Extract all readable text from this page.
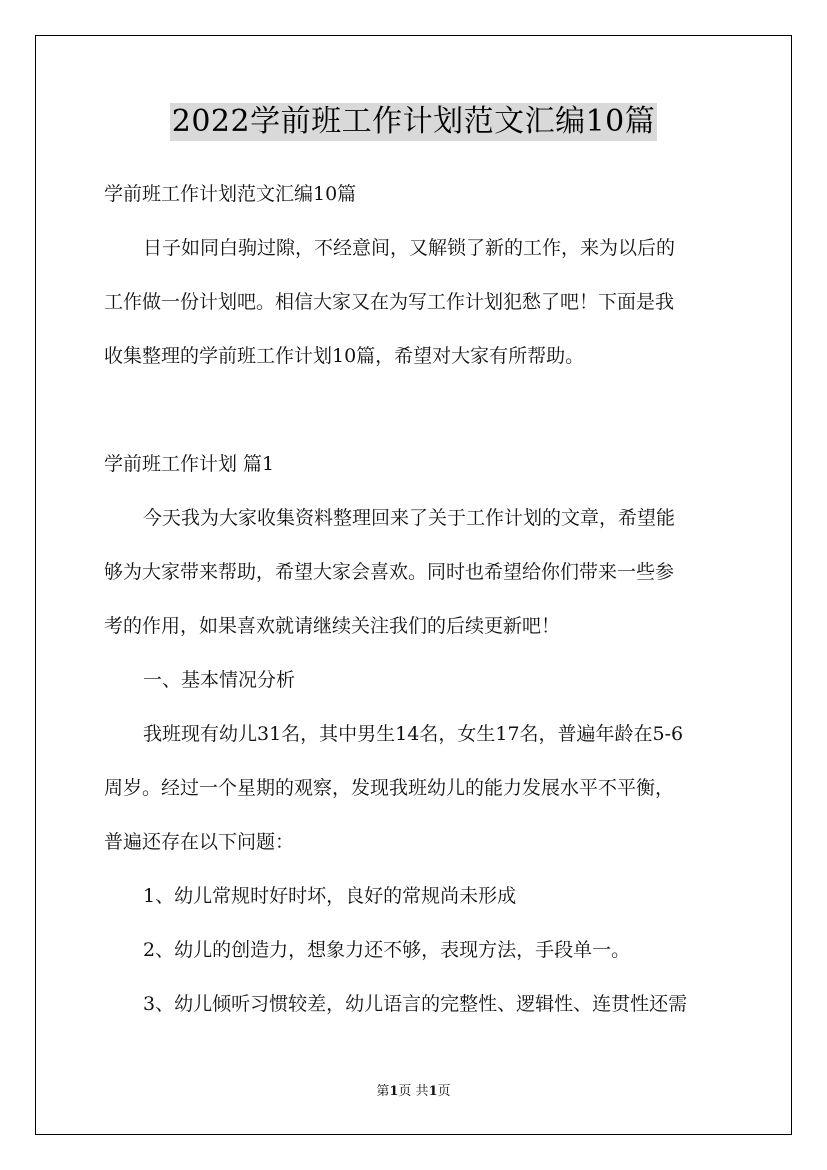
2022学前班工作计划范文汇编10篇
学前班工作计划范文汇编10篇
日子如同白驹过隙，不经意间，又解锁了新的工作，来为以后的
工作做一份计划吧。相信大家又在为写工作计划犯愁了吧！下面是我
收集整理的学前班工作计划10篇，希望对大家有所帮助。
学前班工作计划 篇1
今天我为大家收集资料整理回来了关于工作计划的文章，希望能
够为大家带来帮助，希望大家会喜欢。同时也希望给你们带来一些参
考的作用，如果喜欢就请继续关注我们的后续更新吧！
一、基本情况分析
我班现有幼儿31名，其中男生14名，女生17名，普遍年龄在5-6
周岁。经过一个星期的观察，发现我班幼儿的能力发展水平不平衡，
普遍还存在以下问题：
1、幼儿常规时好时坏，良好的常规尚未形成
2、幼儿的创造力，想象力还不够，表现方法，手段单一。
3、幼儿倾听习惯较差，幼儿语言的完整性、逻辑性、连贯性还需
第1页 共1页
